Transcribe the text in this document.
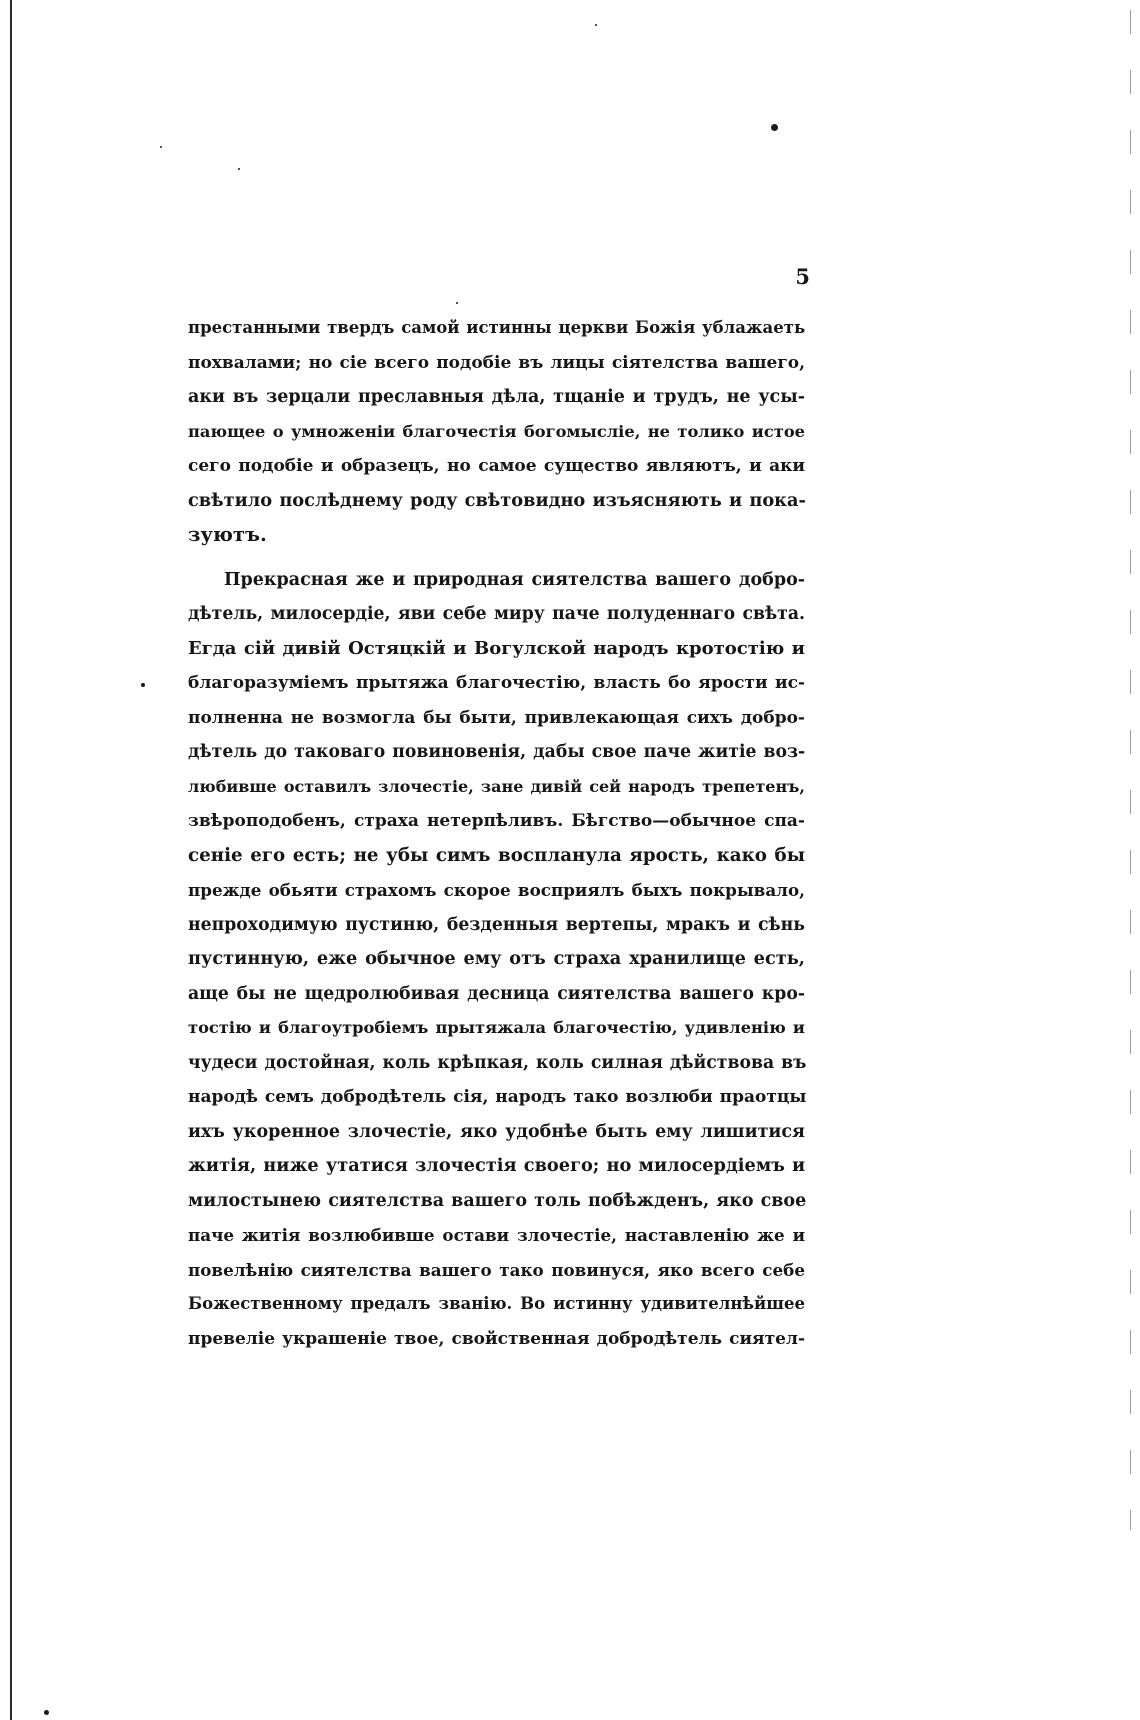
5
престанными твердъ самой истинны церкви Божія ублажаеть
похвалами; но сіе всего подобіе въ лицы сіятелства вашего,
аки въ зерцали преславныя дѣла, тщаніе и трудъ, не усы-
пающее о умноженіи благочестія богомысліе, не толико истое
сего подобіе и образецъ, но самое существо являютъ, и аки
свѣтило послѣднему роду свѣтовидно изъясняють и пока-
зуютъ.
Прекрасная же и природная сиятелства вашего добро-
дѣтель, милосердіе, яви себе миру паче полуденнаго свѣта.
Егда сій дивій Остяцкій и Вогулской народъ кротостію и
благоразуміемъ прытяжа благочестію, власть бо ярости ис-
полненна не возмогла бы быти, привлекающая сихъ добро-
дѣтель до таковаго повиновенія, дабы свое паче житіе воз-
любивше оставилъ злочестіе, зане дивій сей народъ трепетенъ,
звѣроподобенъ, страха нетерпѣливъ. Бѣгство—обычное спа-
сеніе его есть; не убы симъ воспланула ярость, како бы
прежде обьяти страхомъ скорое восприялъ быхъ покрывало,
непроходимую пустиню, безденныя вертепы, мракъ и сѣнь
пустинную, еже обычное ему отъ страха хранилище есть,
аще бы не щедролюбивая десница сиятелства вашего кро-
тостію и благоутробіемъ прытяжала благочестію, удивленію и
чудеси достойная, коль крѣпкая, коль силная дѣйствова въ
народѣ семъ добродѣтель сія, народъ тако возлюби праотцы
ихъ укоренное злочестіе, яко удобнѣе быть ему лишитися
житія, ниже утатися злочестія своего; но милосердіемъ и
милостынею сиятелства вашего толь побѣжденъ, яко свое
паче житія возлюбивше остави злочестіе, наставленію же и
повелѣнію сиятелства вашего тако повинуся, яко всего себе
Божественному предалъ званію. Во истинну удивителнѣйшее
превеліе украшеніе твое, свойственная добродѣтель сиятел-
